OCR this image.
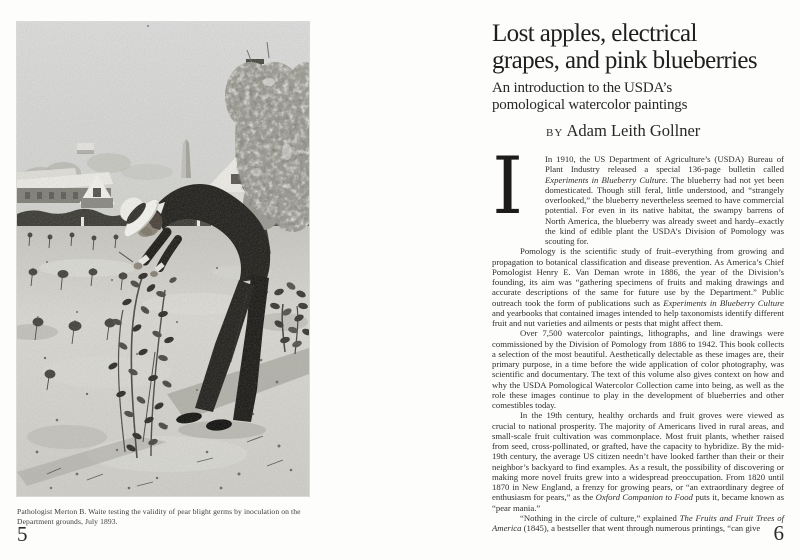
Pathologist Merton B. Waite testing the validity of pear blight germs by inoculation on the Department grounds, July 1893.

5
Lost apples, electrical
grapes, and pink blueberries
An introduction to the USDA’s
pomological watercolor paintings
BY Adam Leith Gollner
I	In 1910, the US Department of Agriculture’s (USDA) Bureau of Plant Industry released a special 136-page bulletin called Experiments in Blueberry Culture. The blueberry had not yet been domesticated. Though still feral, little understood, and “strangely overlooked,” the blueberry nevertheless seemed to have commercial potential. For even in its native habitat, the swampy barrens of North America, the blueberry was already sweet and hardy–exactly the kind of edible plant the USDA’s Division of Pomology was scouting for.

Pomology is the scientific study of fruit–everything from growing and propagation to botanical classification and disease prevention. As America’s Chief Pomologist Henry E. Van Deman wrote in 1886, the year of the Division’s founding, its aim was “gathering specimens of fruits and making drawings and accurate descriptions of the same for future use by the Department.” Public outreach took the form of publications such as Experiments in Blueberry Culture and yearbooks that contained images intended to help taxonomists identify different fruit and nut varieties and ailments or pests that might affect them.

Over 7,500 watercolor paintings, lithographs, and line drawings were commissioned by the Division of Pomology from 1886 to 1942. This book collects a selection of the most beautiful. Aesthetically delectable as these images are, their primary purpose, in a time before the wide application of color photography, was scientific and documentary. The text of this volume also gives context on how and why the USDA Pomological Watercolor Collection came into being, as well as the role these images continue to play in the development of blueberries and other comestibles today.

In the 19th century, healthy orchards and fruit groves were viewed as crucial to national prosperity. The majority of Americans lived in rural areas, and small-scale fruit cultivation was commonplace. Most fruit plants, whether raised from seed, cross-pollinated, or grafted, have the capacity to hybridize. By the mid-19th century, the average US citizen needn’t have looked farther than their or their neighbor’s backyard to find examples. As a result, the possibility of discovering or making more novel fruits grew into a widespread preoccupation. From 1820 until 1870 in New England, a frenzy for growing pears, or “an extraordinary degree of enthusiasm for pears,” as the Oxford Companion to Food puts it, became known as “pear mania.”

“Nothing in the circle of culture,” explained The Fruits and Fruit Trees of America (1845), a bestseller that went through numerous printings, “can give 6
